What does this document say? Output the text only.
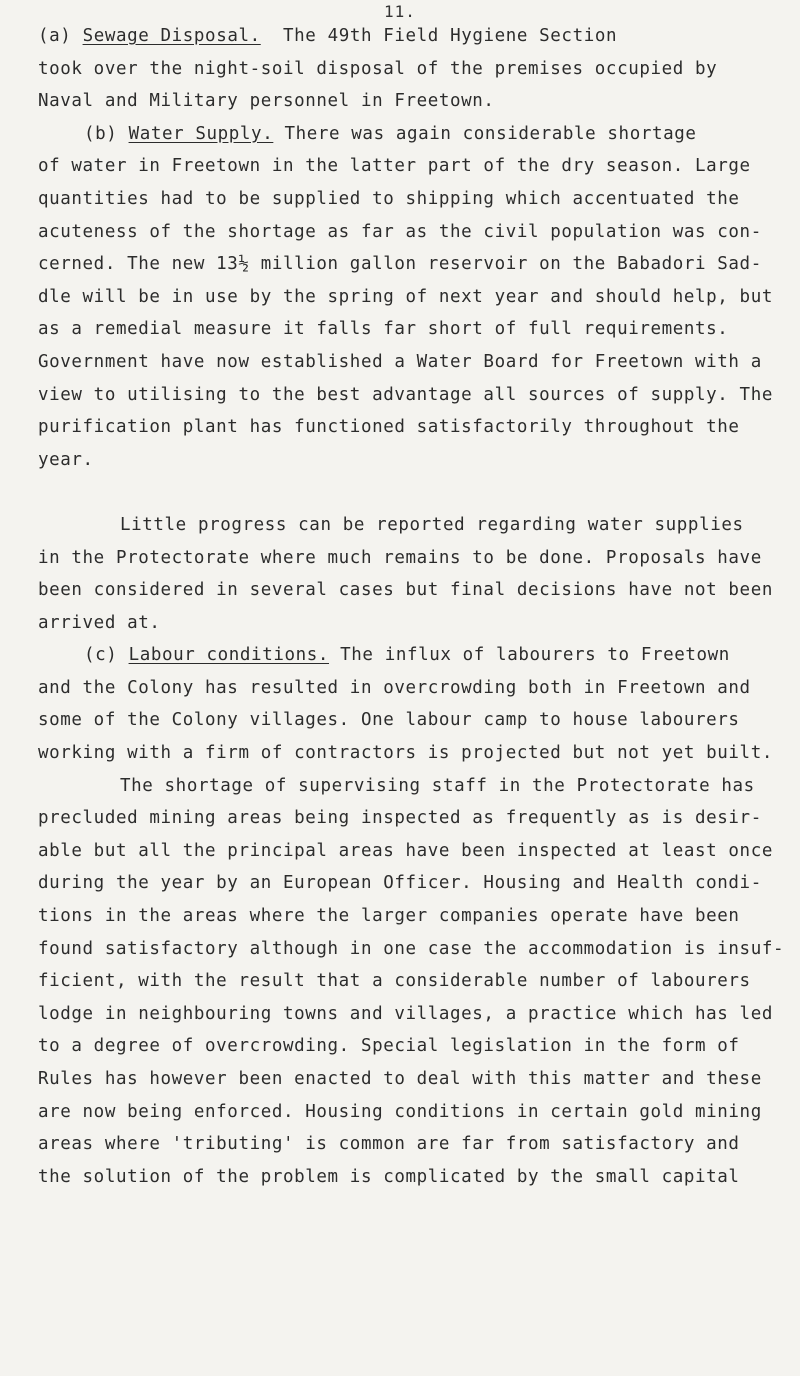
11.
(a) Sewage Disposal. The 49th Field Hygiene Section
took over the night-soil disposal of the premises occupied by
Naval and Military personnel in Freetown.
(b) Water Supply. There was again considerable shortage
of water in Freetown in the latter part of the dry season. Large
quantities had to be supplied to shipping which accentuated the
acuteness of the shortage as far as the civil population was con-
cerned. The new 13½ million gallon reservoir on the Babadori Sad-
dle will be in use by the spring of next year and should help, but
as a remedial measure it falls far short of full requirements.
Government have now established a Water Board for Freetown with a
view to utilising to the best advantage all sources of supply. The
purification plant has functioned satisfactorily throughout the
year.
Little progress can be reported regarding water supplies
in the Protectorate where much remains to be done. Proposals have
been considered in several cases but final decisions have not been
arrived at.
(c) Labour conditions. The influx of labourers to Freetown
and the Colony has resulted in overcrowding both in Freetown and
some of the Colony villages. One labour camp to house labourers
working with a firm of contractors is projected but not yet built.
The shortage of supervising staff in the Protectorate has
precluded mining areas being inspected as frequently as is desir-
able but all the principal areas have been inspected at least once
during the year by an European Officer. Housing and Health condi-
tions in the areas where the larger companies operate have been
found satisfactory although in one case the accommodation is insuf-
ficient, with the result that a considerable number of labourers
lodge in neighbouring towns and villages, a practice which has led
to a degree of overcrowding. Special legislation in the form of
Rules has however been enacted to deal with this matter and these
are now being enforced. Housing conditions in certain gold mining
areas where 'tributing' is common are far from satisfactory and
the solution of the problem is complicated by the small capital
